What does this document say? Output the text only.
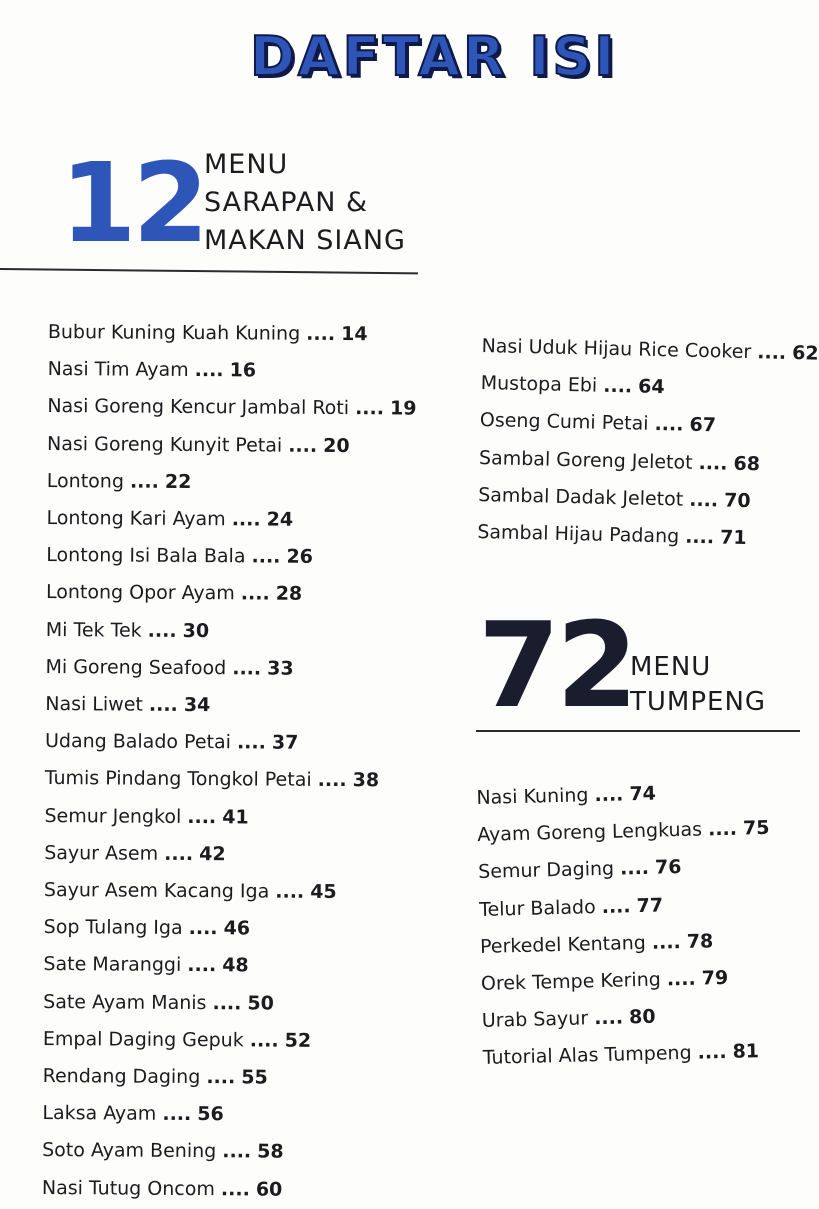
DAFTAR ISI
12
MENU
SARAPAN &
MAKAN SIANG
Bubur Kuning Kuah Kuning .... 14
Nasi Tim Ayam .... 16
Nasi Goreng Kencur Jambal Roti .... 19
Nasi Goreng Kunyit Petai .... 20
Lontong .... 22
Lontong Kari Ayam .... 24
Lontong Isi Bala Bala .... 26
Lontong Opor Ayam .... 28
Mi Tek Tek .... 30
Mi Goreng Seafood .... 33
Nasi Liwet .... 34
Udang Balado Petai .... 37
Tumis Pindang Tongkol Petai .... 38
Semur Jengkol .... 41
Sayur Asem .... 42
Sayur Asem Kacang Iga .... 45
Sop Tulang Iga .... 46
Sate Maranggi .... 48
Sate Ayam Manis .... 50
Empal Daging Gepuk .... 52
Rendang Daging .... 55
Laksa Ayam .... 56
Soto Ayam Bening .... 58
Nasi Tutug Oncom .... 60
Nasi Uduk Hijau Rice Cooker .... 62
Mustopa Ebi .... 64
Oseng Cumi Petai .... 67
Sambal Goreng Jeletot .... 68
Sambal Dadak Jeletot .... 70
Sambal Hijau Padang .... 71
72
MENU
TUMPENG
Nasi Kuning .... 74
Ayam Goreng Lengkuas .... 75
Semur Daging .... 76
Telur Balado .... 77
Perkedel Kentang .... 78
Orek Tempe Kering .... 79
Urab Sayur .... 80
Tutorial Alas Tumpeng .... 81
